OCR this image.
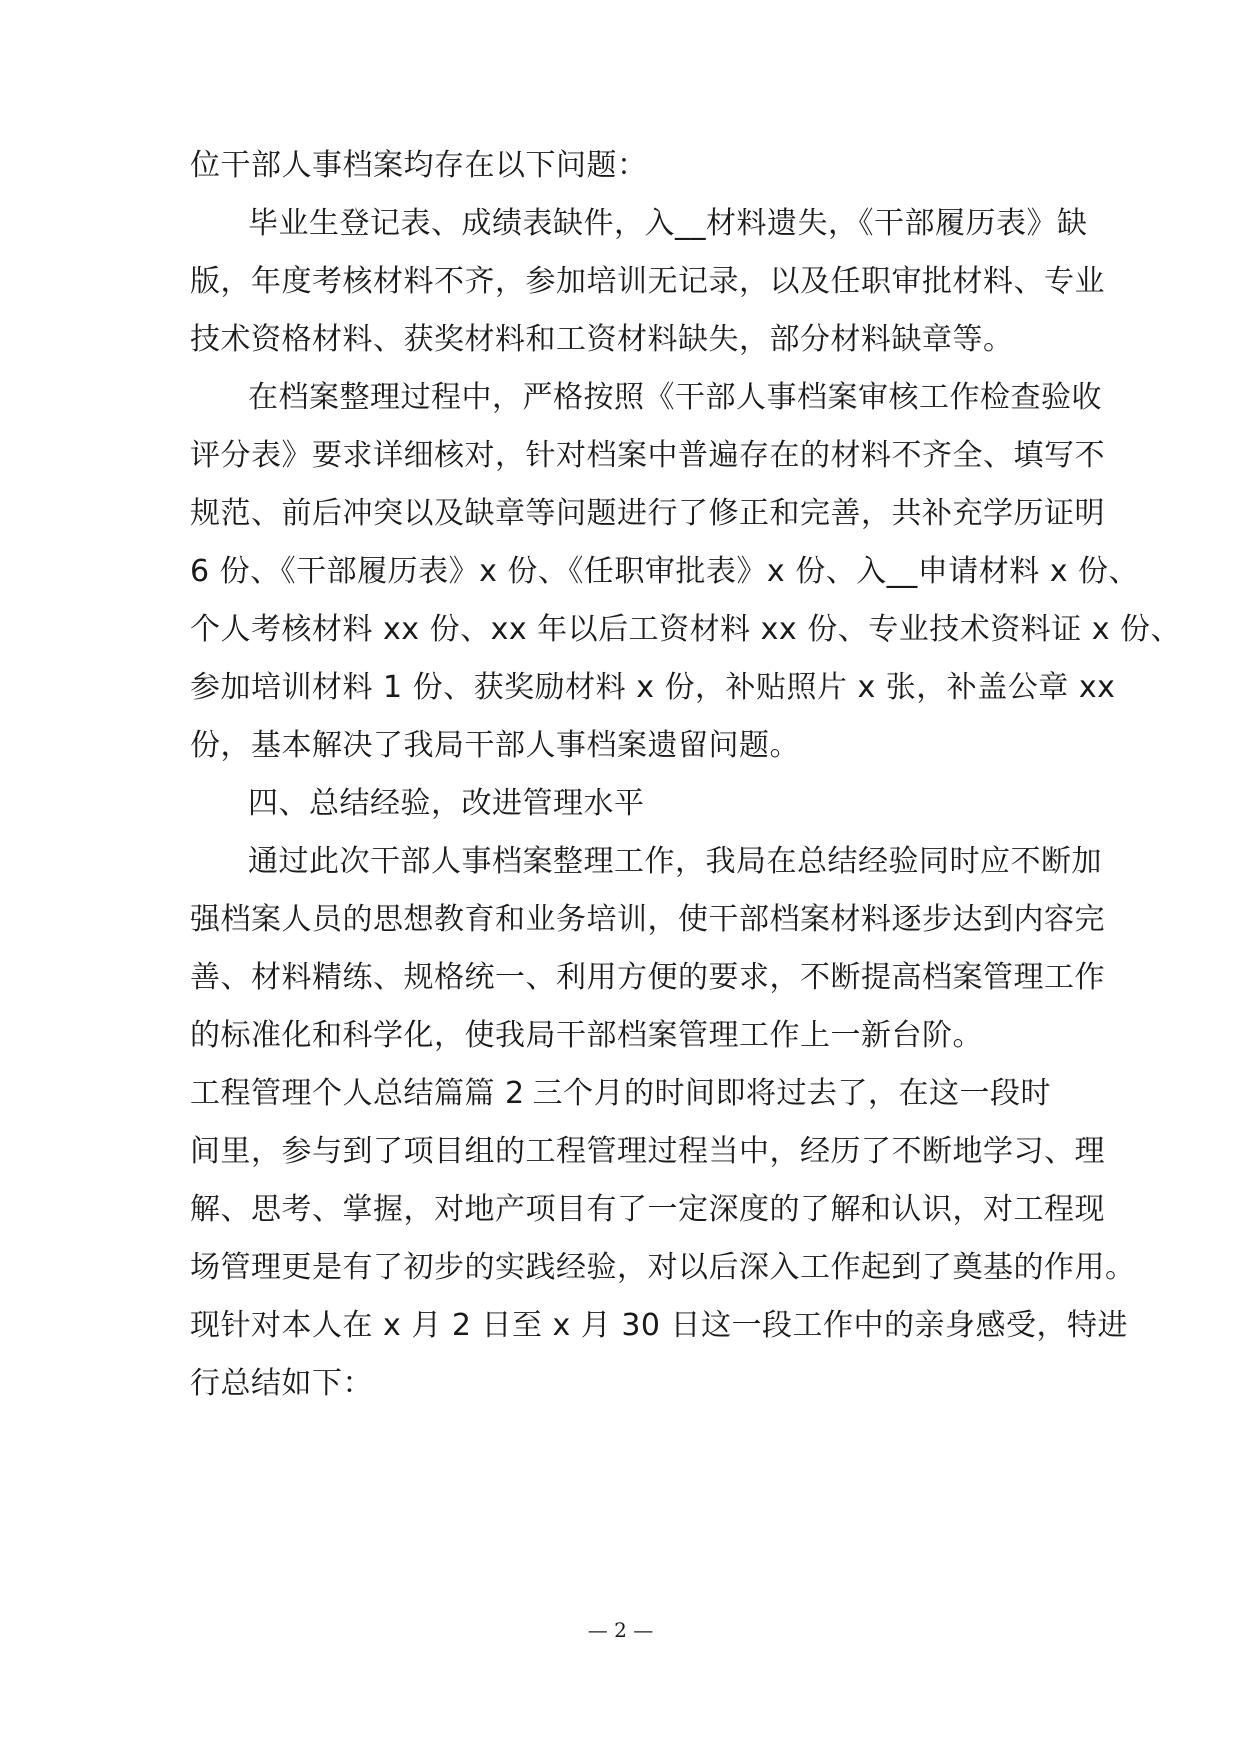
位干部人事档案均存在以下问题：
毕业生登记表、成绩表缺件，入__材料遗失，《干部履历表》缺
版，年度考核材料不齐，参加培训无记录，以及任职审批材料、专业
技术资格材料、获奖材料和工资材料缺失，部分材料缺章等。
在档案整理过程中，严格按照《干部人事档案审核工作检查验收
评分表》要求详细核对，针对档案中普遍存在的材料不齐全、填写不
规范、前后冲突以及缺章等问题进行了修正和完善，共补充学历证明
6 份、《干部履历表》x 份、《任职审批表》x 份、入__申请材料 x 份、
个人考核材料 xx 份、xx 年以后工资材料 xx 份、专业技术资料证 x 份、
参加培训材料 1 份、获奖励材料 x 份，补贴照片 x 张，补盖公章 xx
份，基本解决了我局干部人事档案遗留问题。
四、总结经验，改进管理水平
通过此次干部人事档案整理工作，我局在总结经验同时应不断加
强档案人员的思想教育和业务培训，使干部档案材料逐步达到内容完
善、材料精练、规格统一、利用方便的要求，不断提高档案管理工作
的标准化和科学化，使我局干部档案管理工作上一新台阶。
工程管理个人总结篇篇 2 三个月的时间即将过去了，在这一段时
间里，参与到了项目组的工程管理过程当中，经历了不断地学习、理
解、思考、掌握，对地产项目有了一定深度的了解和认识，对工程现
场管理更是有了初步的实践经验，对以后深入工作起到了奠基的作用。
现针对本人在 x 月 2 日至 x 月 30 日这一段工作中的亲身感受，特进
行总结如下：
— 2 —
